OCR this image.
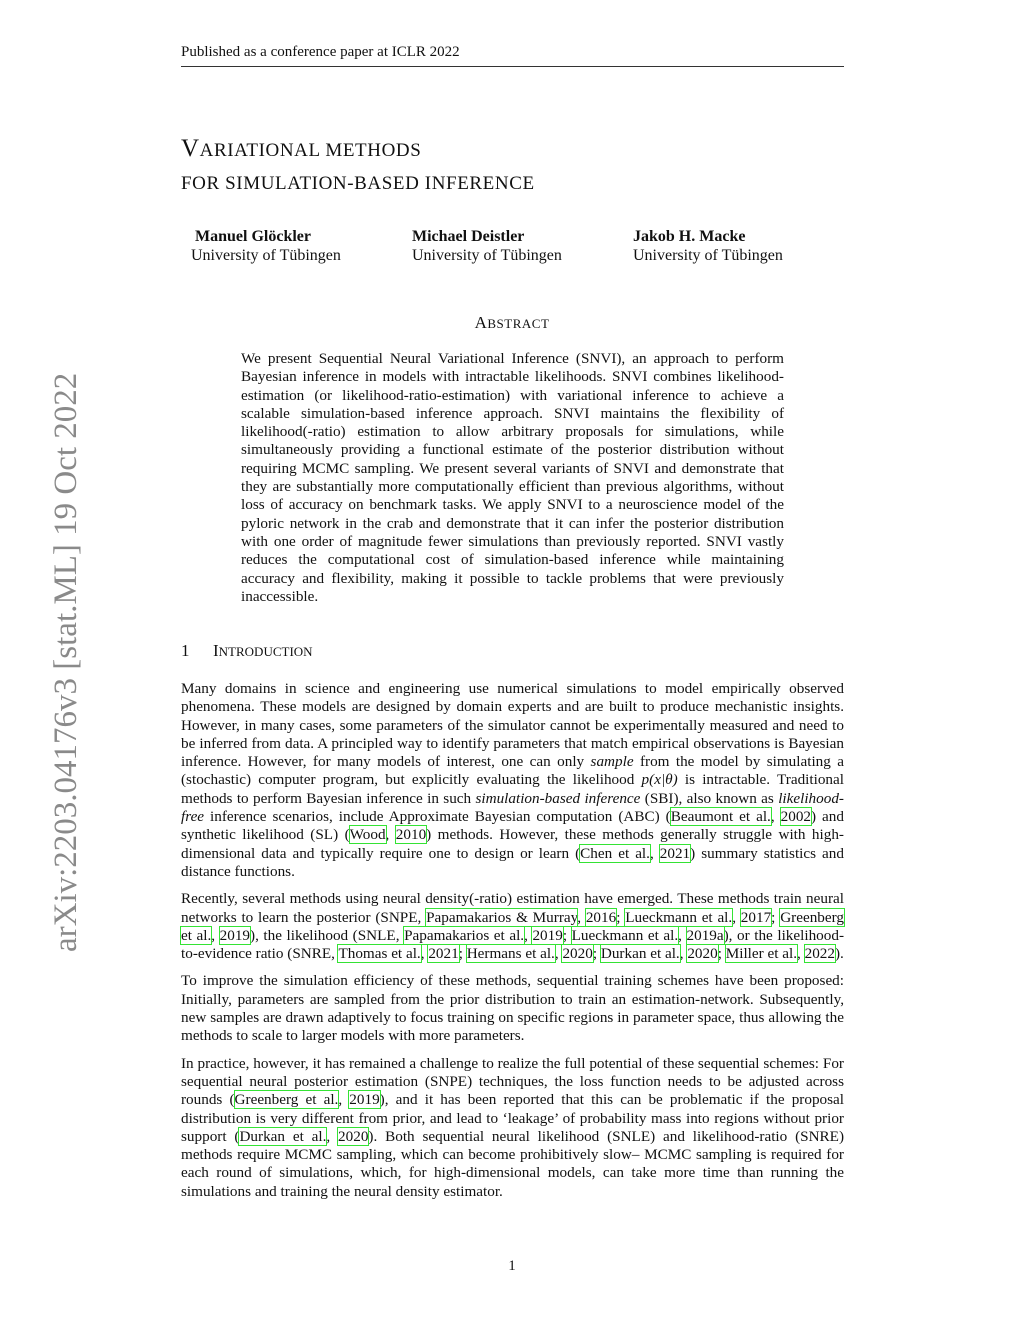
Published as a conference paper at ICLR 2022
arXiv:2203.04176v3 [stat.ML] 19 Oct 2022
VARIATIONAL METHODS
FOR SIMULATION-BASED INFERENCE
Manuel Glöckler
University of Tübingen
Michael Deistler
University of Tübingen
Jakob H. Macke
University of Tübingen
ABSTRACT
We present Sequential Neural Variational Inference (SNVI), an approach to perform Bayesian inference in models with intractable likelihoods. SNVI combines likelihood-estimation (or likelihood-ratio-estimation) with variational inference to achieve a scalable simulation-based inference approach. SNVI maintains the flexibility of likelihood(-ratio) estimation to allow arbitrary proposals for simulations, while simultaneously providing a functional estimate of the posterior distribution without requiring MCMC sampling. We present several variants of SNVI and demonstrate that they are substantially more computationally efficient than previous algorithms, without loss of accuracy on benchmark tasks. We apply SNVI to a neuroscience model of the pyloric network in the crab and demonstrate that it can infer the posterior distribution with one order of magnitude fewer simulations than previously reported. SNVI vastly reduces the computational cost of simulation-based inference while maintaining accuracy and flexibility, making it possible to tackle problems that were previously inaccessible.
1 INTRODUCTION

Many domains in science and engineering use numerical simulations to model empirically observed phenomena. These models are designed by domain experts and are built to produce mechanistic insights. However, in many cases, some parameters of the simulator cannot be experimentally measured and need to be inferred from data. A principled way to identify parameters that match empirical observations is Bayesian inference. However, for many models of interest, one can only sample from the model by simulating a (stochastic) computer program, but explicitly evaluating the likelihood p(x|θ) is intractable. Traditional methods to perform Bayesian inference in such simulation-based inference (SBI), also known as likelihood-free inference scenarios, include Approximate Bayesian computation (ABC) (Beaumont et al., 2002) and synthetic likelihood (SL) (Wood, 2010) methods. However, these methods generally struggle with high-dimensional data and typically require one to design or learn (Chen et al., 2021) summary statistics and distance functions.

Recently, several methods using neural density(-ratio) estimation have emerged. These methods train neural networks to learn the posterior (SNPE, Papamakarios & Murray, 2016; Lueckmann et al., 2017; Greenberg et al., 2019), the likelihood (SNLE, Papamakarios et al., 2019; Lueckmann et al., 2019a), or the likelihood-to-evidence ratio (SNRE, Thomas et al., 2021; Hermans et al., 2020; Durkan et al., 2020; Miller et al., 2022).

To improve the simulation efficiency of these methods, sequential training schemes have been proposed: Initially, parameters are sampled from the prior distribution to train an estimation-network. Subsequently, new samples are drawn adaptively to focus training on specific regions in parameter space, thus allowing the methods to scale to larger models with more parameters.

In practice, however, it has remained a challenge to realize the full potential of these sequential schemes: For sequential neural posterior estimation (SNPE) techniques, the loss function needs to be adjusted across rounds (Greenberg et al., 2019), and it has been reported that this can be problematic if the proposal distribution is very different from prior, and lead to ‘leakage’ of probability mass into regions without prior support (Durkan et al., 2020). Both sequential neural likelihood (SNLE) and likelihood-ratio (SNRE) methods require MCMC sampling, which can become prohibitively slow– MCMC sampling is required for each round of simulations, which, for high-dimensional models, can take more time than running the simulations and training the neural density estimator.

1
